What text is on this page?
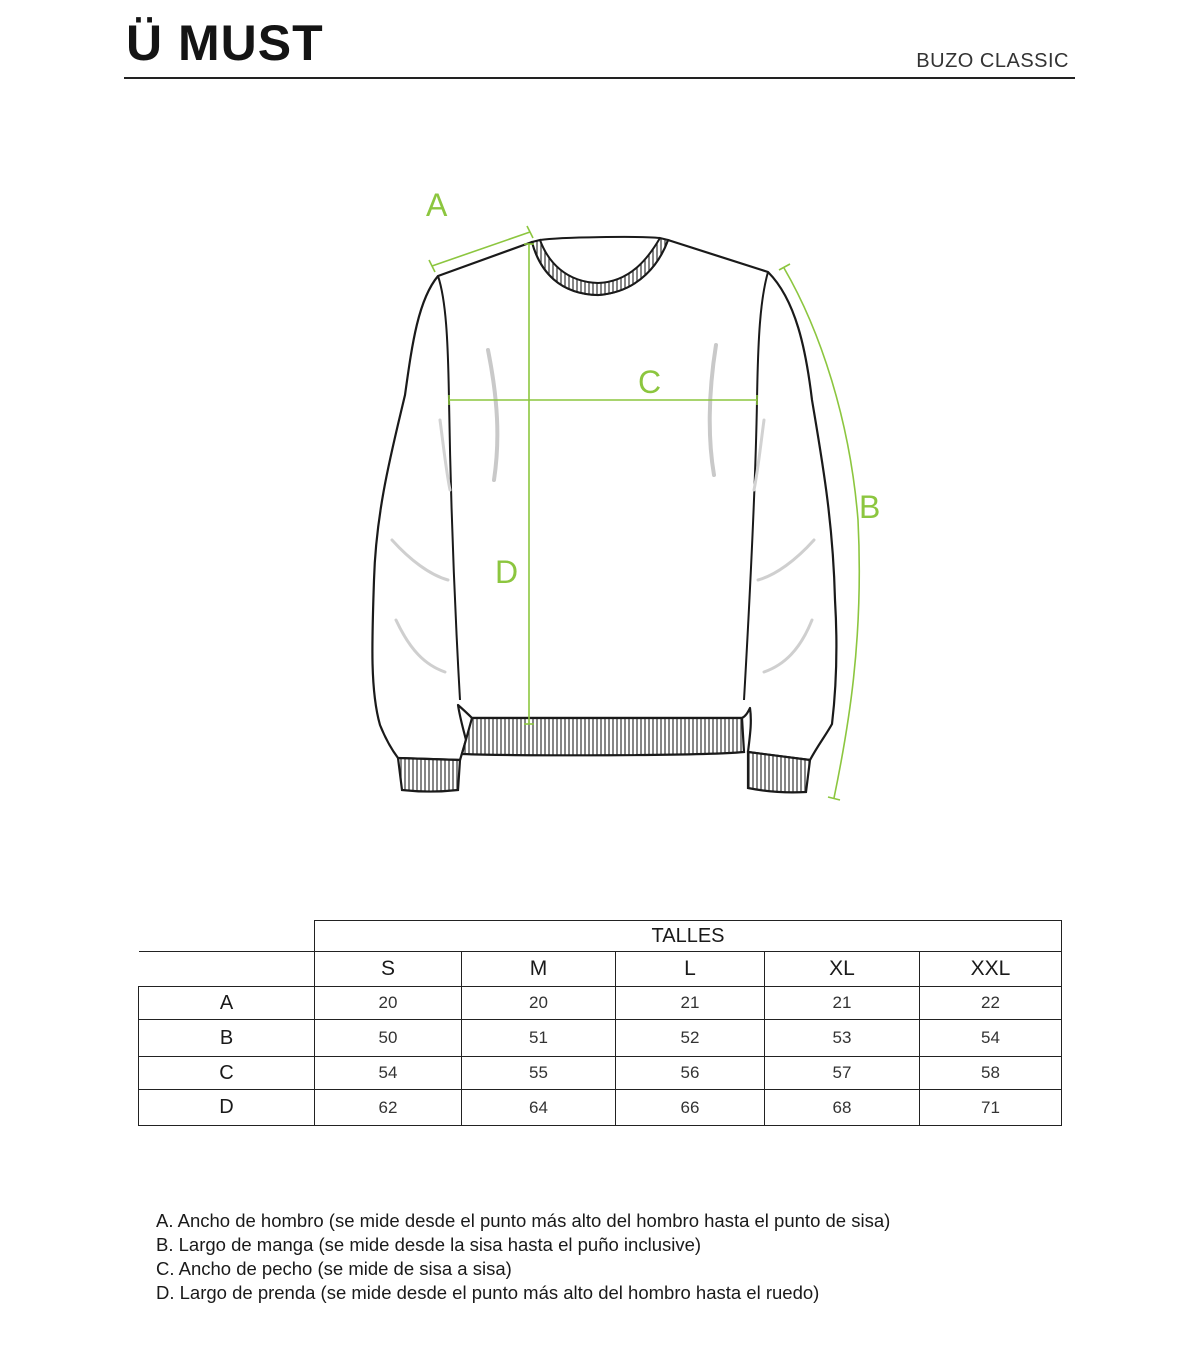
Ü MUST	BUZO CLASSIC
A
C
B
D
	TALLES				
	S	M	L	XL	XXL
A	20	20	21	21	22
B	50	51	52	53	54
C	54	55	56	57	58
D	62	64	66	68	71
A. Ancho de hombro (se mide desde el punto más alto del hombro hasta el punto de sisa)
B. Largo de manga (se mide desde la sisa hasta el puño inclusive)
C. Ancho de pecho (se mide de sisa a sisa)
D. Largo de prenda (se mide desde el punto más alto del hombro hasta el ruedo)
